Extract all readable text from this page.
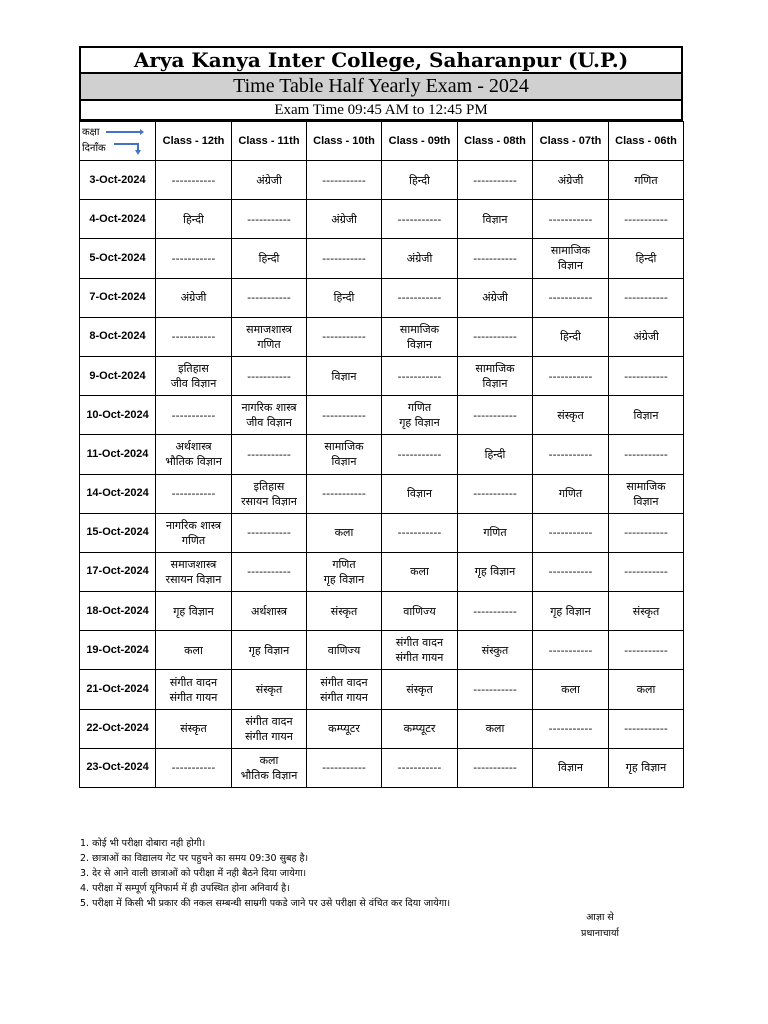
Arya Kanya Inter College, Saharanpur (U.P.)
Time Table Half Yearly Exam - 2024
Exam Time 09:45 AM to 12:45 PM
कक्षा
दिनाँक	Class - 12th	Class - 11th	Class - 10th	Class - 09th	Class - 08th	Class - 07th	Class - 06th
3-Oct-2024	-----------	अंग्रेजी	-----------	हिन्दी	-----------	अंग्रेजी	गणित

4-Oct-2024	हिन्दी	-----------	अंग्रेजी	-----------	विज्ञान	-----------	-----------

5-Oct-2024	-----------	हिन्दी	-----------	अंग्रेजी	-----------	सामाजिक
विज्ञान	हिन्दी

7-Oct-2024	अंग्रेजी	-----------	हिन्दी	-----------	अंग्रेजी	-----------	-----------

8-Oct-2024	-----------	समाजशास्त्र
गणित	-----------	सामाजिक
विज्ञान	-----------	हिन्दी	अंग्रेजी

9-Oct-2024	इतिहास
जीव विज्ञान	-----------	विज्ञान	-----------	सामाजिक
विज्ञान	-----------	-----------

10-Oct-2024	-----------	नागरिक शास्त्र
जीव विज्ञान	-----------	गणित
गृह विज्ञान	-----------	संस्कृत	विज्ञान

11-Oct-2024	अर्थशास्त्र
भौतिक विज्ञान	-----------	सामाजिक
विज्ञान	-----------	हिन्दी	-----------	-----------

14-Oct-2024	-----------	इतिहास
रसायन विज्ञान	-----------	विज्ञान	-----------	गणित	सामाजिक
विज्ञान

15-Oct-2024	नागरिक शास्त्र
गणित	-----------	कला	-----------	गणित	-----------	-----------

17-Oct-2024	समाजशास्त्र
रसायन विज्ञान	-----------	गणित
गृह विज्ञान	कला	गृह विज्ञान	-----------	-----------

18-Oct-2024	गृह विज्ञान	अर्थशास्त्र	संस्कृत	वाणिज्य	-----------	गृह विज्ञान	संस्कृत

19-Oct-2024	कला	गृह विज्ञान	वाणिज्य	संगीत वादन
संगीत गायन	संस्कुत	-----------	-----------

21-Oct-2024	संगीत वादन
संगीत गायन	संस्कृत	संगीत वादन
संगीत गायन	संस्कृत	-----------	कला	कला

22-Oct-2024	संस्कृत	संगीत वादन
संगीत गायन	कम्प्यूटर	कम्प्यूटर	कला	-----------	-----------

23-Oct-2024	-----------	कला
भौतिक विज्ञान	-----------	-----------	-----------	विज्ञान	गृह विज्ञान
1. कोई भी परीक्षा दोबारा नही होगी।
2. छात्राओं का विद्यालय गेट पर पहुचने का समय 09:30 सुबह है।
3. देर से आने वाली छात्राओं को परीक्षा में नही बैठने दिया जायेगा।
4. परीक्षा में सम्पूर्ण यूनिफार्म में ही उपस्थित होना अनिवार्य है।
5. परीक्षा में किसी भी प्रकार की नकल सम्बन्धी साम्रगी पकडे जाने पर उसे परीक्षा से वंचित कर दिया जायेगा।
आज्ञा से
प्रधानाचार्या
